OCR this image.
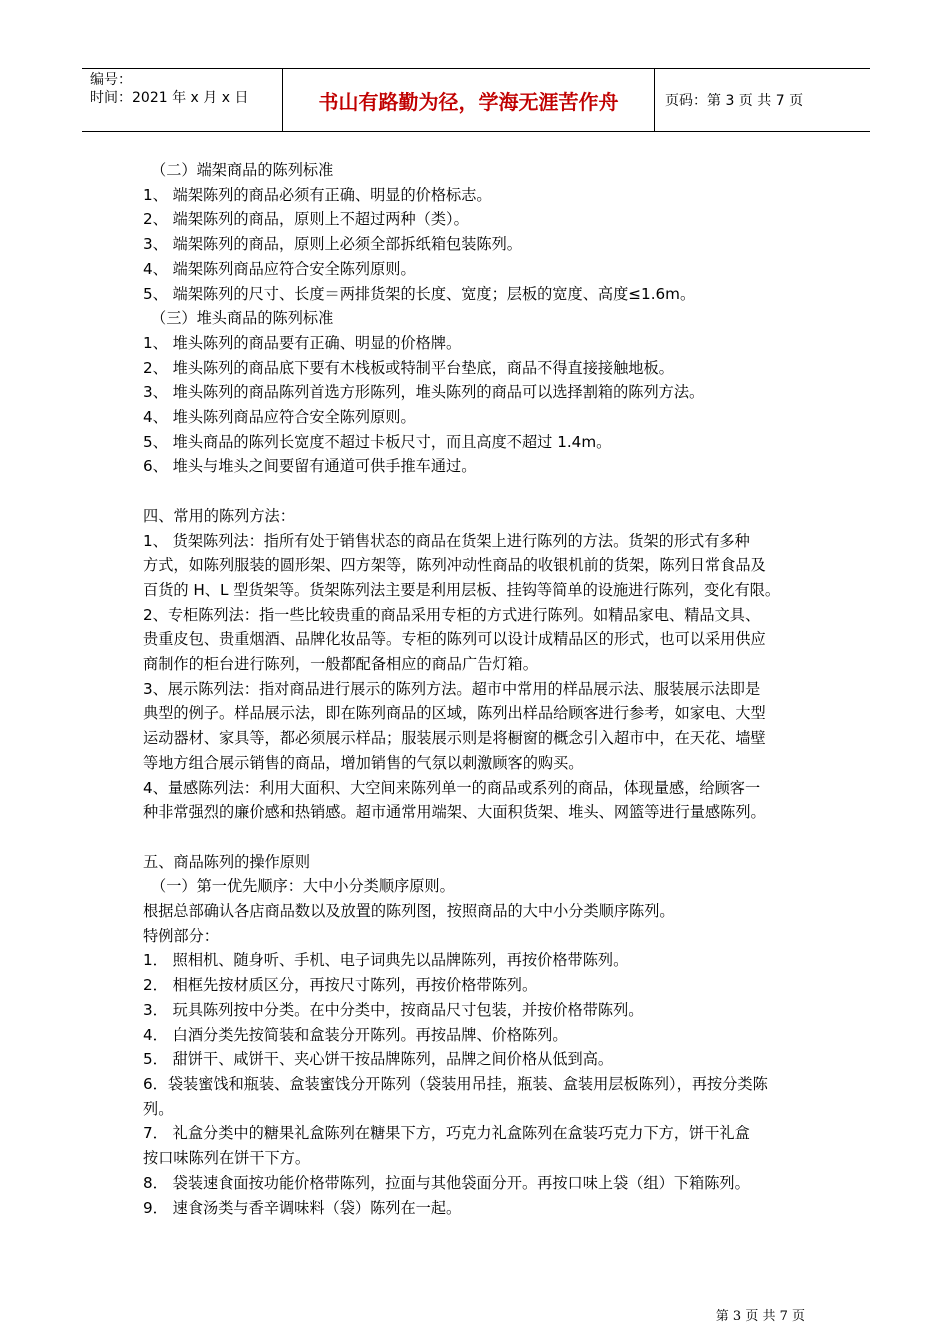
编号：
时间：2021 年 x 月 x 日	书山有路勤为径，学海无涯苦作舟	页码：第 3 页 共 7 页
（二）端架商品的陈列标准
1、 端架陈列的商品必须有正确、明显的价格标志。
2、 端架陈列的商品，原则上不超过两种（类）。
3、 端架陈列的商品，原则上必须全部拆纸箱包装陈列。
4、 端架陈列商品应符合安全陈列原则。
5、 端架陈列的尺寸、长度＝两排货架的长度、宽度；层板的宽度、高度≤1.6m。
（三）堆头商品的陈列标准
1、 堆头陈列的商品要有正确、明显的价格牌。
2、 堆头陈列的商品底下要有木栈板或特制平台垫底，商品不得直接接触地板。
3、 堆头陈列的商品陈列首选方形陈列，堆头陈列的商品可以选择割箱的陈列方法。
4、 堆头陈列商品应符合安全陈列原则。
5、 堆头商品的陈列长宽度不超过卡板尺寸，而且高度不超过 1.4m。
6、 堆头与堆头之间要留有通道可供手推车通过。
四、常用的陈列方法：
1、 货架陈列法：指所有处于销售状态的商品在货架上进行陈列的方法。货架的形式有多种
方式，如陈列服装的圆形架、四方架等，陈列冲动性商品的收银机前的货架，陈列日常食品及
百货的 H、L 型货架等。货架陈列法主要是利用层板、挂钩等简单的设施进行陈列，变化有限。
2、专柜陈列法：指一些比较贵重的商品采用专柜的方式进行陈列。如精品家电、精品文具、
贵重皮包、贵重烟酒、品牌化妆品等。专柜的陈列可以设计成精品区的形式，也可以采用供应
商制作的柜台进行陈列，一般都配备相应的商品广告灯箱。
3、展示陈列法：指对商品进行展示的陈列方法。超市中常用的样品展示法、服装展示法即是
典型的例子。样品展示法，即在陈列商品的区域，陈列出样品给顾客进行参考，如家电、大型
运动器材、家具等，都必须展示样品；服装展示则是将橱窗的概念引入超市中，在天花、墙壁
等地方组合展示销售的商品，增加销售的气氛以刺激顾客的购买。
4、量感陈列法：利用大面积、大空间来陈列单一的商品或系列的商品，体现量感，给顾客一
种非常强烈的廉价感和热销感。超市通常用端架、大面积货架、堆头、网篮等进行量感陈列。
五、商品陈列的操作原则
（一）第一优先顺序：大中小分类顺序原则。
根据总部确认各店商品数以及放置的陈列图，按照商品的大中小分类顺序陈列。
特例部分：
1． 照相机、随身听、手机、电子词典先以品牌陈列，再按价格带陈列。
2． 相框先按材质区分，再按尺寸陈列，再按价格带陈列。
3． 玩具陈列按中分类。在中分类中，按商品尺寸包装，并按价格带陈列。
4． 白酒分类先按简装和盒装分开陈列。再按品牌、价格陈列。
5． 甜饼干、咸饼干、夹心饼干按品牌陈列，品牌之间价格从低到高。
6．袋装蜜饯和瓶装、盒装蜜饯分开陈列（袋装用吊挂，瓶装、盒装用层板陈列），再按分类陈
列。
7． 礼盒分类中的糖果礼盒陈列在糖果下方，巧克力礼盒陈列在盒装巧克力下方，饼干礼盒
按口味陈列在饼干下方。
8． 袋装速食面按功能价格带陈列，拉面与其他袋面分开。再按口味上袋（组）下箱陈列。
9． 速食汤类与香辛调味料（袋）陈列在一起。
第 3 页 共 7 页
